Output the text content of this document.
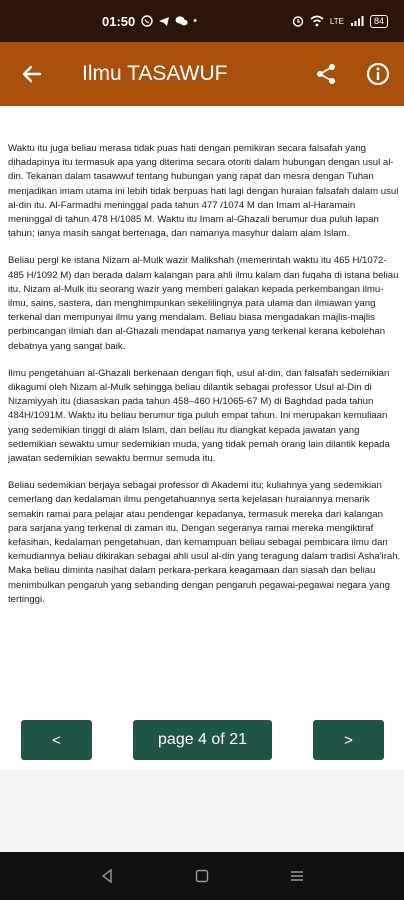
01:50	•	LTE	84
Ilmu TASAWUF

Waktu itu juga beliau merasa tidak puas hati dengan pemikiran secara falsafah yang dihadapinya itu termasuk apa yang diterima secara otoriti dalam hubungan dengan usul al-din. Tekanan dalam tasawwuf tentang hubungan yang rapat dan mesra dengan Tuhan menjadikan imam utama ini lebih tidak berpuas hati lagi dengan huraian falsafah dalam usul al-din itu. Al-Farmadhi meninggal pada tahun 477 /1074 M dan Imam al-Haramain meninggal di tahun 478 H/1085 M. Waktu itu Imam al-Ghazali berumur dua puluh lapan tahun; ianya masih sangat bertenaga, dan namanya masyhur dalam alam Islam.

Beliau pergi ke istana Nizam al-Mulk wazir Malikshah (memerintah waktu itu 465 H/1072-485 H/1092 M) dan berada dalam kalangan para ahli ilmu kalam dan fuqaha di istana beliau itu. Nizam al-Mulk itu seorang wazir yang memberi galakan kepada perkembangan ilmu-ilmu, sains, sastera, dan menghimpunkan sekelilingnya para ulama dan ilmiawan yang terkenal dan mempunyai ilmu yang mendalam. Beliau biasa mengadakan majlis-majlis perbincangan ilmiah dan al-Ghazali mendapat namanya yang terkenal kerana kebolehan debatnya yang sangat baik.

Ilmu pengetahuan al-Ghazali berkenaan dengan fiqh, usul al-din, dan falsafah sedemikian dikagumi oleh Nizam al-Mulk sehingga beliau dilantik sebagai professor Usul al-Din di Nizamiyyah itu (diasaskan pada tahun 458–460 H/1065-67 M) di Baghdad pada tahun 484H/1091M. Waktu itu beliau berumur tiga puluh empat tahun. Ini merupakan kemuliaan yang sedemikian tinggi di alam Islam, dan beliau itu diangkat kepada jawatan yang sedemikian sewaktu umur sedemikian muda, yang tidak pernah orang lain dilantik kepada jawatan sedemikian sewaktu bermur semuda itu.

Beliau sedemikian berjaya sebagai professor di Akademi itu; kuliahnya yang sedemikian cemerlang dan kedalaman ilmu pengetahuannya serta kejelasan huraiannya menarik semakin ramai para pelajar atau pendengar kepadanya, termasuk mereka dari kalangan para sarjana yang terkenal di zaman itu. Dengan segeranya ramai mereka mengiktiraf kefasihan, kedalaman pengetahuan, dan kemampuan beliau sebagai pembicara ilmu dan kemudiannya beliau dikirakan sebagai ahli usul al-din yang teragung dalam tradisi Asha'irah. Maka beliau diminta nasihat dalam perkara-perkara keagamaan dan siasah dan beliau menimbulkan pengaruh yang sebanding dengan pengaruh pegawai-pegawai negara yang tertinggi.

<	page 4 of 21	>
